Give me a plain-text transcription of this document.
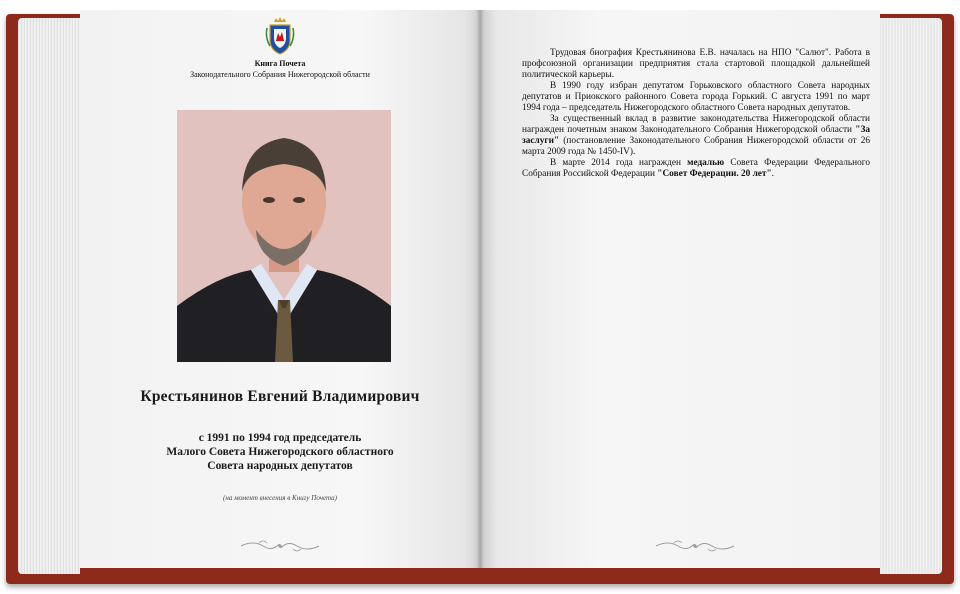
Книга Почета
Законодательного Собрания Нижегородской области
Крестьянинов Евгений Владимирович
с 1991 по 1994 год председатель
Малого Совета Нижегородского областного
Совета народных депутатов
(на момент внесения в Книгу Почета)

Трудовая биография Крестьянинова Е.В. началась на НПО "Салют". Работа в профсоюзной организации предприятия стала стартовой площадкой дальнейшей политической карьеры.

В 1990 году избран депутатом Горьковского областного Совета народных депутатов и Приокского районного Совета города Горький. С августа 1991 по март 1994 года – председатель Нижегородского областного Совета народных депутатов.

За существенный вклад в развитие законодательства Нижегородской области награжден почетным знаком Законодательного Собрания Нижегородской области "За заслуги" (постановление Законодательного Собрания Нижегородской области от 26 марта 2009 года № 1450-IV).

В марте 2014 года награжден медалью Совета Федерации Федерального Собрания Российской Федерации "Совет Федерации. 20 лет".
